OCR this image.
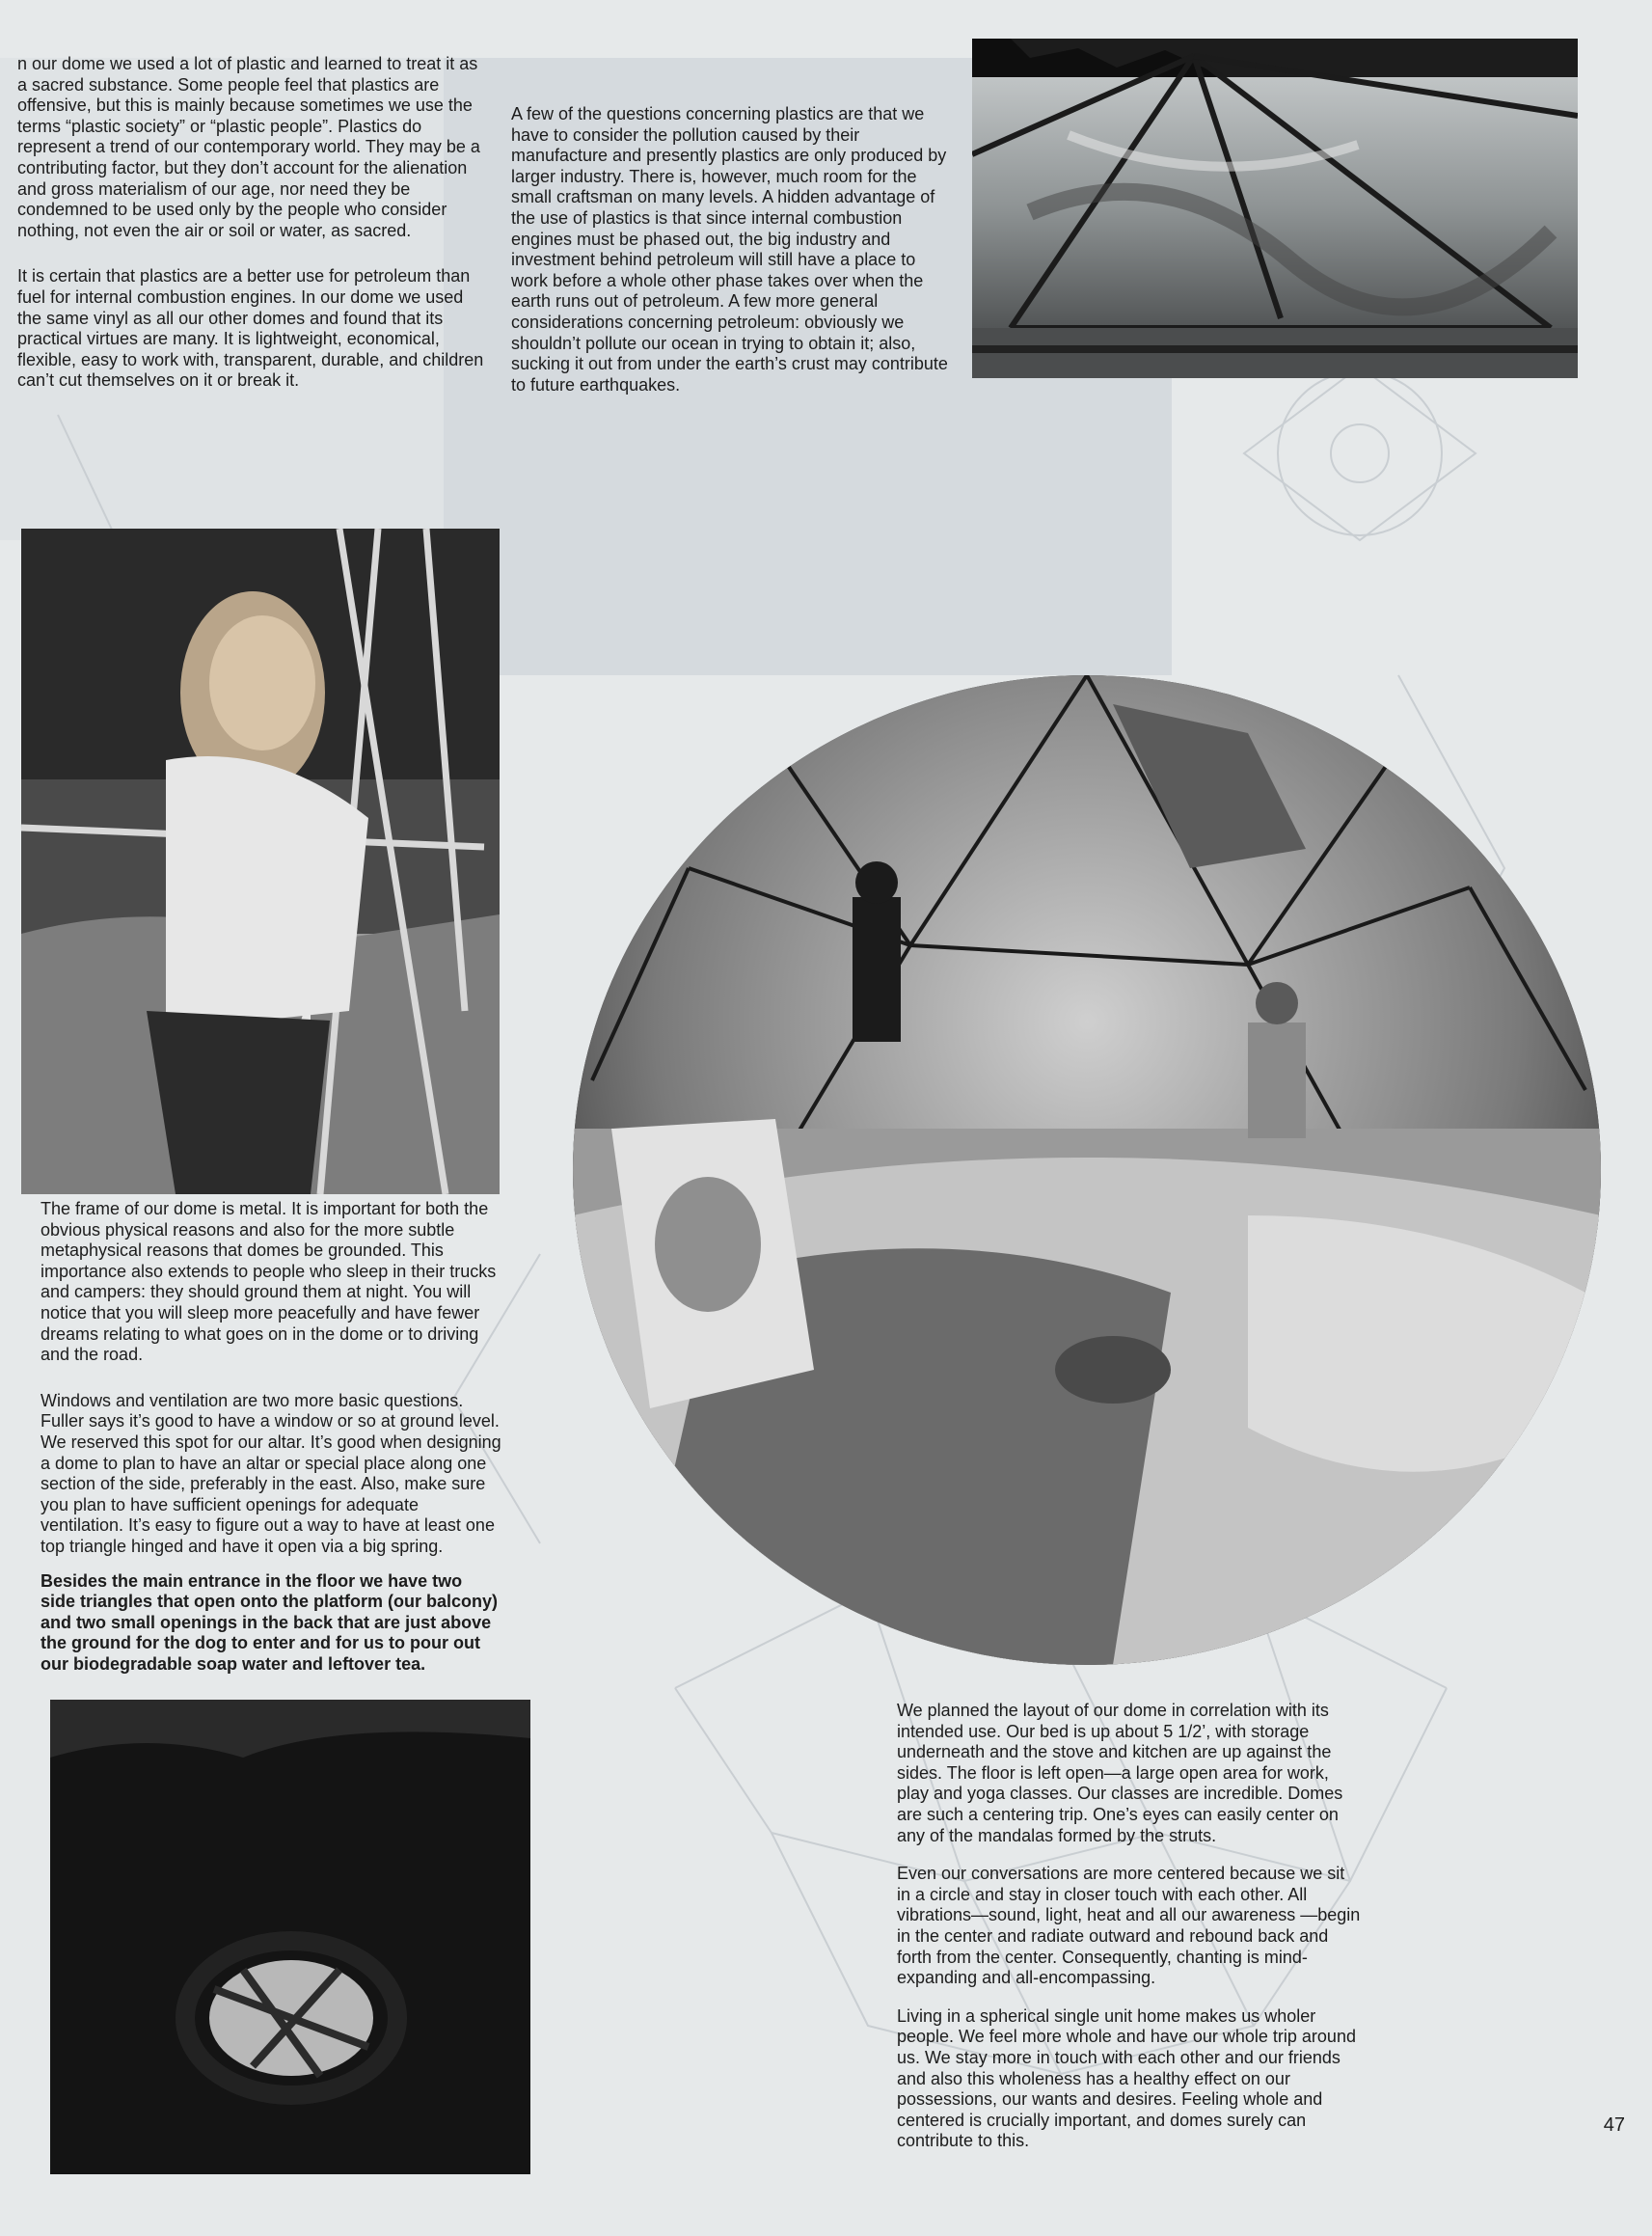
n our dome we used a lot of plastic and learned to treat it as a sacred substance. Some people feel that plastics are offensive, but this is mainly because sometimes we use the terms “plastic society” or “plastic people”. Plastics do represent a trend of our contemporary world. They may be a contributing factor, but they don’t account for the alienation and gross materialism of our age, nor need they be condemned to be used only by the people who consider nothing, not even the air or soil or water, as sacred.

It is certain that plastics are a better use for petroleum than fuel for internal combustion engines. In our dome we used the same vinyl as all our other domes and found that its practical virtues are many. It is lightweight, economical, flexible, easy to work with, transparent, durable, and children can’t cut themselves on it or break it.

A few of the questions concerning plastics are that we have to consider the pollution caused by their manufacture and presently plastics are only produced by larger industry. There is, however, much room for the small craftsman on many levels. A hidden advantage of the use of plastics is that since internal combustion engines must be phased out, the big industry and investment behind petroleum will still have a place to work before a whole other phase takes over when the earth runs out of petroleum. A few more general considerations concerning petroleum: obviously we shouldn’t pollute our ocean in trying to obtain it; also, sucking it out from under the earth’s crust may contribute to future earthquakes.

The frame of our dome is metal. It is important for both the obvious physical reasons and also for the more subtle metaphysical reasons that domes be grounded. This importance also extends to people who sleep in their trucks and campers: they should ground them at night. You will notice that you will sleep more peacefully and have fewer dreams relating to what goes on in the dome or to driving and the road.

Windows and ventilation are two more basic questions. Fuller says it’s good to have a window or so at ground level. We reserved this spot for our altar. It’s good when designing a dome to plan to have an altar or special place along one section of the side, preferably in the east. Also, make sure you plan to have sufficient openings for adequate ventilation. It’s easy to figure out a way to have at least one top triangle hinged and have it open via a big spring.

Besides the main entrance in the floor we have two side triangles that open onto the platform (our balcony) and two small openings in the back that are just above the ground for the dog to enter and for us to pour out our biodegradable soap water and leftover tea.

We planned the layout of our dome in correlation with its intended use. Our bed is up about 5 1/2’, with storage underneath and the stove and kitchen are up against the sides. The floor is left open—a large open area for work, play and yoga classes. Our classes are incredible. Domes are such a centering trip. One’s eyes can easily center on any of the mandalas formed by the struts.

Even our conversations are more centered because we sit in a circle and stay in closer touch with each other. All vibrations—sound, light, heat and all our awareness —begin in the center and radiate outward and rebound back and forth from the center. Consequently, chanting is mind-expanding and all-encompassing.

Living in a spherical single unit home makes us wholer people. We feel more whole and have our whole trip around us. We stay more in touch with each other and our friends and also this wholeness has a healthy effect on our possessions, our wants and desires. Feeling whole and centered is crucially important, and domes surely can contribute to this.

47
